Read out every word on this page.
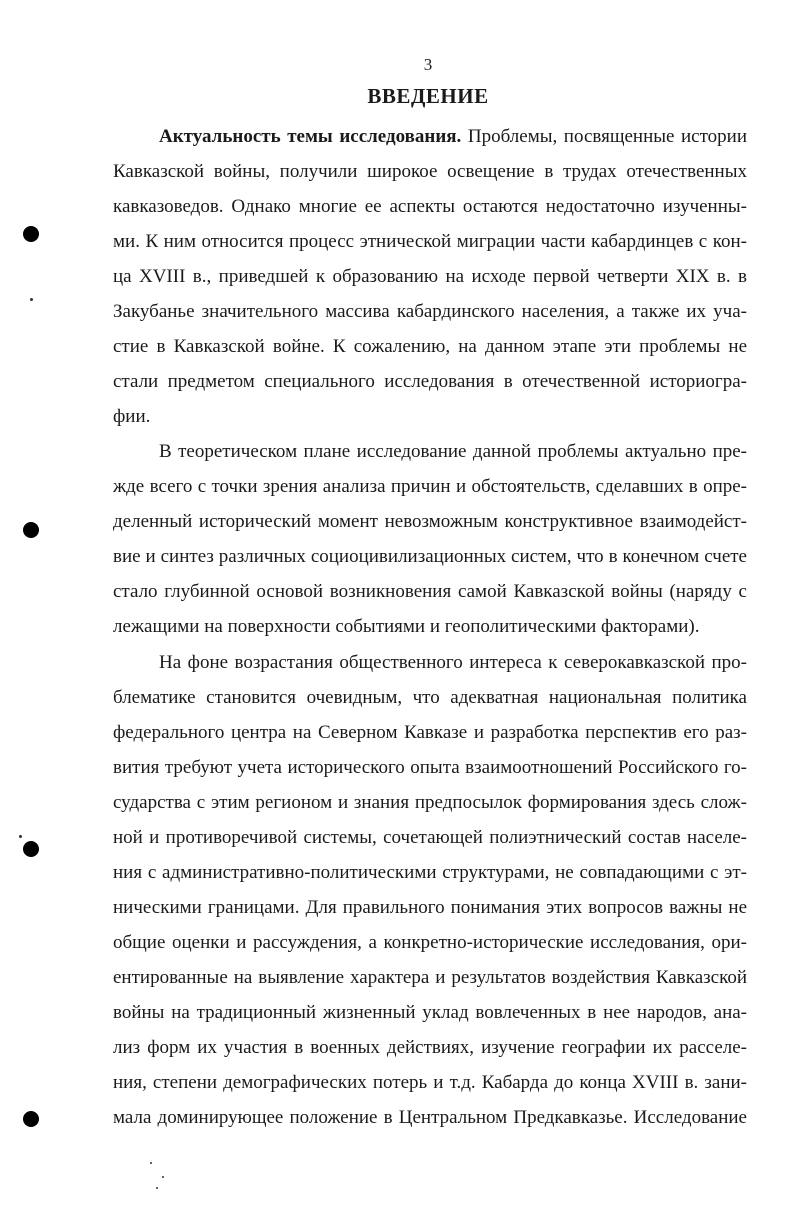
3
ВВЕДЕНИЕ
Актуальность темы исследования. Проблемы, посвященные истории
Кавказской войны, получили широкое освещение в трудах отечественных
кавказоведов. Однако многие ее аспекты остаются недостаточно изученны-
ми. К ним относится процесс этнической миграции части кабардинцев с кон-
ца XVIII в., приведшей к образованию на исходе первой четверти XIX в. в
Закубанье значительного массива кабардинского населения, а также их уча-
стие в Кавказской войне. К сожалению, на данном этапе эти проблемы не
стали предметом специального исследования в отечественной историогра-
фии.
В теоретическом плане исследование данной проблемы актуально пре-
жде всего с точки зрения анализа причин и обстоятельств, сделавших в опре-
деленный исторический момент невозможным конструктивное взаимодейст-
вие и синтез различных социоцивилизационных систем, что в конечном счете
стало глубинной основой возникновения самой Кавказской войны (наряду с
лежащими на поверхности событиями и геополитическими факторами).
На фоне возрастания общественного интереса к северокавказской про-
блематике становится очевидным, что адекватная национальная политика
федерального центра на Северном Кавказе и разработка перспектив его раз-
вития требуют учета исторического опыта взаимоотношений Российского го-
сударства с этим регионом и знания предпосылок формирования здесь слож-
ной и противоречивой системы, сочетающей полиэтнический состав населе-
ния с административно-политическими структурами, не совпадающими с эт-
ническими границами. Для правильного понимания этих вопросов важны не
общие оценки и рассуждения, а конкретно-исторические исследования, ори-
ентированные на выявление характера и результатов воздействия Кавказской
войны на традиционный жизненный уклад вовлеченных в нее народов, ана-
лиз форм их участия в военных действиях, изучение географии их расселе-
ния, степени демографических потерь и т.д. Кабарда до конца XVIII в. зани-
мала доминирующее положение в Центральном Предкавказье. Исследование
